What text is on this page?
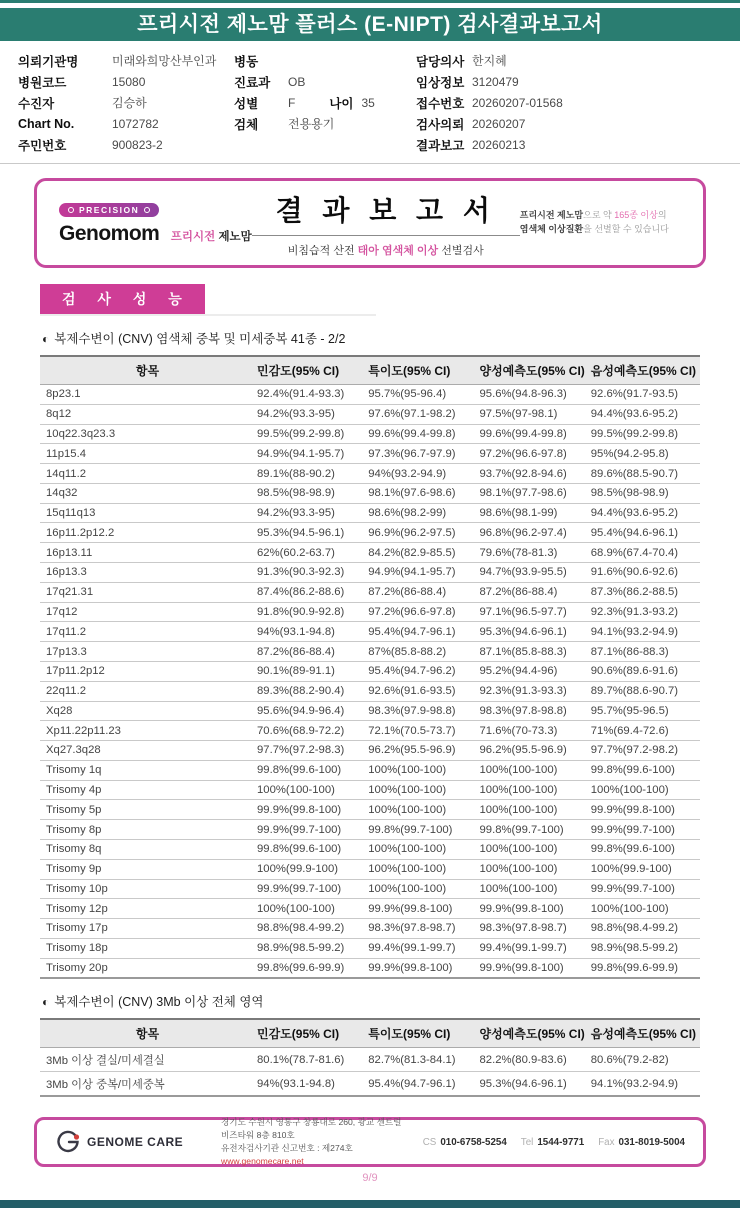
프리시전 제노맘 플러스 (E-NIPT) 검사결과보고서
의뢰기관명	미래와희망산부인과
병원코드	15080
수진자	김승하
Chart No.	1072782
주민번호	900823-2
병동
진료과	OB
성별	F	나이 35
검체	전용용기
담당의사 한지혜
임상정보 3120479
접수번호 20260207-01568
검사의뢰 20260207
결과보고 20260213
PRECISION
Genomom 프리시전 제노맘
결 과 보 고 서
비침습적 산전 태아 염색체 이상 선별검사
프리시전 제노맘으로 약 165종 이상의
염색체 이상질환을 선별할 수 있습니다
검 사 성 능
◐ 복제수변이 (CNV) 염색체 중복 및 미세중복 41종 - 2/2
항목	민감도(95% CI)	특이도(95% CI)	양성예측도(95% CI)	음성예측도(95% CI)
8p23.1	92.4%(91.4-93.3)	95.7%(95-96.4)	95.6%(94.8-96.3)	92.6%(91.7-93.5)
8q12	94.2%(93.3-95)	97.6%(97.1-98.2)	97.5%(97-98.1)	94.4%(93.6-95.2)
10q22.3q23.3	99.5%(99.2-99.8)	99.6%(99.4-99.8)	99.6%(99.4-99.8)	99.5%(99.2-99.8)
11p15.4	94.9%(94.1-95.7)	97.3%(96.7-97.9)	97.2%(96.6-97.8)	95%(94.2-95.8)
14q11.2	89.1%(88-90.2)	94%(93.2-94.9)	93.7%(92.8-94.6)	89.6%(88.5-90.7)
14q32	98.5%(98-98.9)	98.1%(97.6-98.6)	98.1%(97.7-98.6)	98.5%(98-98.9)
15q11q13	94.2%(93.3-95)	98.6%(98.2-99)	98.6%(98.1-99)	94.4%(93.6-95.2)
16p11.2p12.2	95.3%(94.5-96.1)	96.9%(96.2-97.5)	96.8%(96.2-97.4)	95.4%(94.6-96.1)
16p13.11	62%(60.2-63.7)	84.2%(82.9-85.5)	79.6%(78-81.3)	68.9%(67.4-70.4)
16p13.3	91.3%(90.3-92.3)	94.9%(94.1-95.7)	94.7%(93.9-95.5)	91.6%(90.6-92.6)
17q21.31	87.4%(86.2-88.6)	87.2%(86-88.4)	87.2%(86-88.4)	87.3%(86.2-88.5)
17q12	91.8%(90.9-92.8)	97.2%(96.6-97.8)	97.1%(96.5-97.7)	92.3%(91.3-93.2)
17q11.2	94%(93.1-94.8)	95.4%(94.7-96.1)	95.3%(94.6-96.1)	94.1%(93.2-94.9)
17p13.3	87.2%(86-88.4)	87%(85.8-88.2)	87.1%(85.8-88.3)	87.1%(86-88.3)
17p11.2p12	90.1%(89-91.1)	95.4%(94.7-96.2)	95.2%(94.4-96)	90.6%(89.6-91.6)
22q11.2	89.3%(88.2-90.4)	92.6%(91.6-93.5)	92.3%(91.3-93.3)	89.7%(88.6-90.7)
Xq28	95.6%(94.9-96.4)	98.3%(97.9-98.8)	98.3%(97.8-98.8)	95.7%(95-96.5)
Xp11.22p11.23	70.6%(68.9-72.2)	72.1%(70.5-73.7)	71.6%(70-73.3)	71%(69.4-72.6)
Xq27.3q28	97.7%(97.2-98.3)	96.2%(95.5-96.9)	96.2%(95.5-96.9)	97.7%(97.2-98.2)
Trisomy 1q	99.8%(99.6-100)	100%(100-100)	100%(100-100)	99.8%(99.6-100)
Trisomy 4p	100%(100-100)	100%(100-100)	100%(100-100)	100%(100-100)
Trisomy 5p	99.9%(99.8-100)	100%(100-100)	100%(100-100)	99.9%(99.8-100)
Trisomy 8p	99.9%(99.7-100)	99.8%(99.7-100)	99.8%(99.7-100)	99.9%(99.7-100)
Trisomy 8q	99.8%(99.6-100)	100%(100-100)	100%(100-100)	99.8%(99.6-100)
Trisomy 9p	100%(99.9-100)	100%(100-100)	100%(100-100)	100%(99.9-100)
Trisomy 10p	99.9%(99.7-100)	100%(100-100)	100%(100-100)	99.9%(99.7-100)
Trisomy 12p	100%(100-100)	99.9%(99.8-100)	99.9%(99.8-100)	100%(100-100)
Trisomy 17p	98.8%(98.4-99.2)	98.3%(97.8-98.7)	98.3%(97.8-98.7)	98.8%(98.4-99.2)
Trisomy 18p	98.9%(98.5-99.2)	99.4%(99.1-99.7)	99.4%(99.1-99.7)	98.9%(98.5-99.2)
Trisomy 20p	99.8%(99.6-99.9)	99.9%(99.8-100)	99.9%(99.8-100)	99.8%(99.6-99.9)
◐ 복제수변이 (CNV) 3Mb 이상 전체 영역
항목	민감도(95% CI)	특이도(95% CI)	양성예측도(95% CI)	음성예측도(95% CI)
3Mb 이상 결실/미세결실	80.1%(78.7-81.6)	82.7%(81.3-84.1)	82.2%(80.9-83.6)	80.6%(79.2-82)
3Mb 이상 중복/미세중복	94%(93.1-94.8)	95.4%(94.7-96.1)	95.3%(94.6-96.1)	94.1%(93.2-94.9)
GENOME CARE
경기도 수원시 영통구 창룡대로 260, 광교 센트럴비즈타워 8층 810호
유전자검사기관 신고번호 : 제274호
www.genomecare.net
CS 010-6758-5254 Tel 1544-9771 Fax 031-8019-5004
9/9
